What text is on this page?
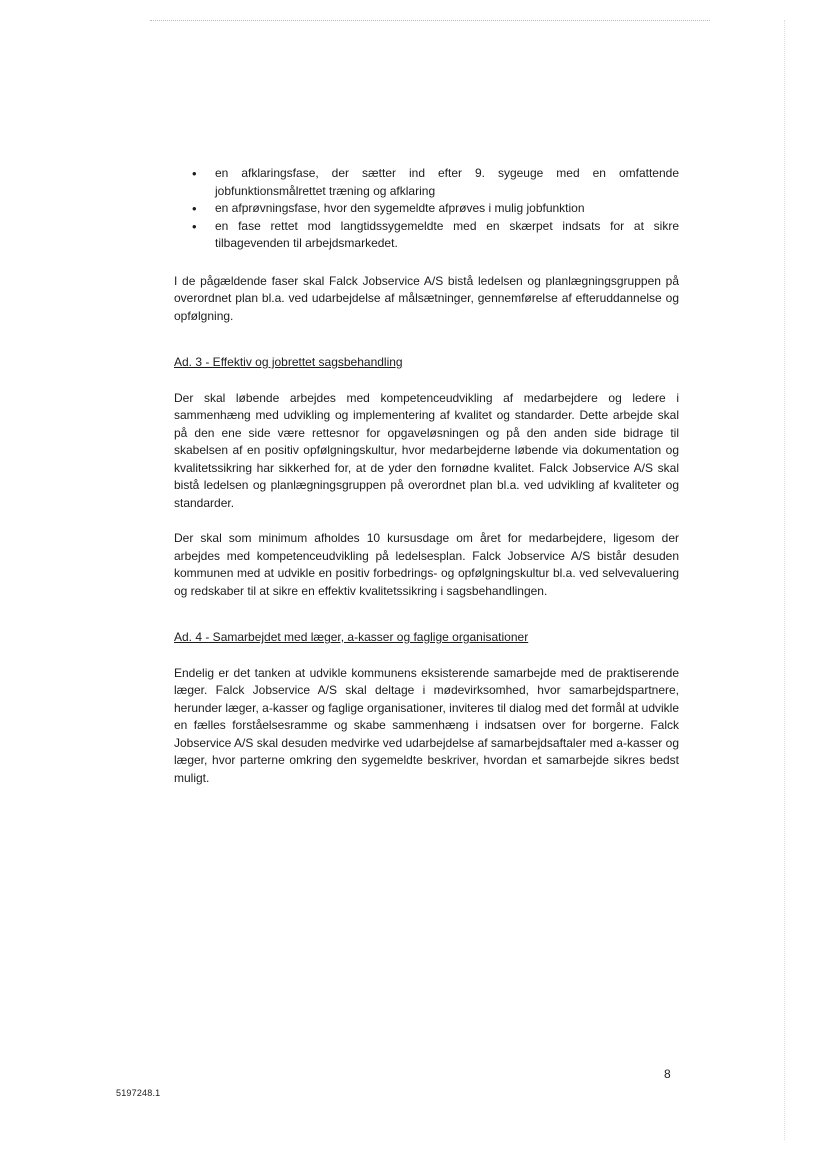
• en afklaringsfase, der sætter ind efter 9. sygeuge med en omfattende jobfunktionsmålrettet træning og afklaring
• en afprøvningsfase, hvor den sygemeldte afprøves i mulig jobfunktion
• en fase rettet mod langtidssygemeldte med en skærpet indsats for at sikre tilbagevenden til arbejdsmarkedet.

I de pågældende faser skal Falck Jobservice A/S bistå ledelsen og planlægningsgruppen på overordnet plan bl.a. ved udarbejdelse af målsætninger, gennemførelse af efteruddannelse og opfølgning.

Ad. 3 - Effektiv og jobrettet sagsbehandling

Der skal løbende arbejdes med kompetenceudvikling af medarbejdere og ledere i sammenhæng med udvikling og implementering af kvalitet og standarder. Dette arbejde skal på den ene side være rettesnor for opgaveløsningen og på den anden side bidrage til skabelsen af en positiv opfølgningskultur, hvor medarbejderne løbende via dokumentation og kvalitetssikring har sikkerhed for, at de yder den fornødne kvalitet. Falck Jobservice A/S skal bistå ledelsen og planlægningsgruppen på overordnet plan bl.a. ved udvikling af kvaliteter og standarder.

Der skal som minimum afholdes 10 kursusdage om året for medarbejdere, ligesom der arbejdes med kompetenceudvikling på ledelsesplan. Falck Jobservice A/S bistår desuden kommunen med at udvikle en positiv forbedrings- og opfølgningskultur bl.a. ved selvevaluering og redskaber til at sikre en effektiv kvalitetssikring i sagsbehandlingen.

Ad. 4 - Samarbejdet med læger, a-kasser og faglige organisationer

Endelig er det tanken at udvikle kommunens eksisterende samarbejde med de praktiserende læger. Falck Jobservice A/S skal deltage i mødevirksomhed, hvor samarbejdspartnere, herunder læger, a-kasser og faglige organisationer, inviteres til dialog med det formål at udvikle en fælles forståelsesramme og skabe sammenhæng i indsatsen over for borgerne. Falck Jobservice A/S skal desuden medvirke ved udarbejdelse af samarbejdsaftaler med a-kasser og læger, hvor parterne omkring den sygemeldte beskriver, hvordan et samarbejde sikres bedst muligt.

5197248.1
8
